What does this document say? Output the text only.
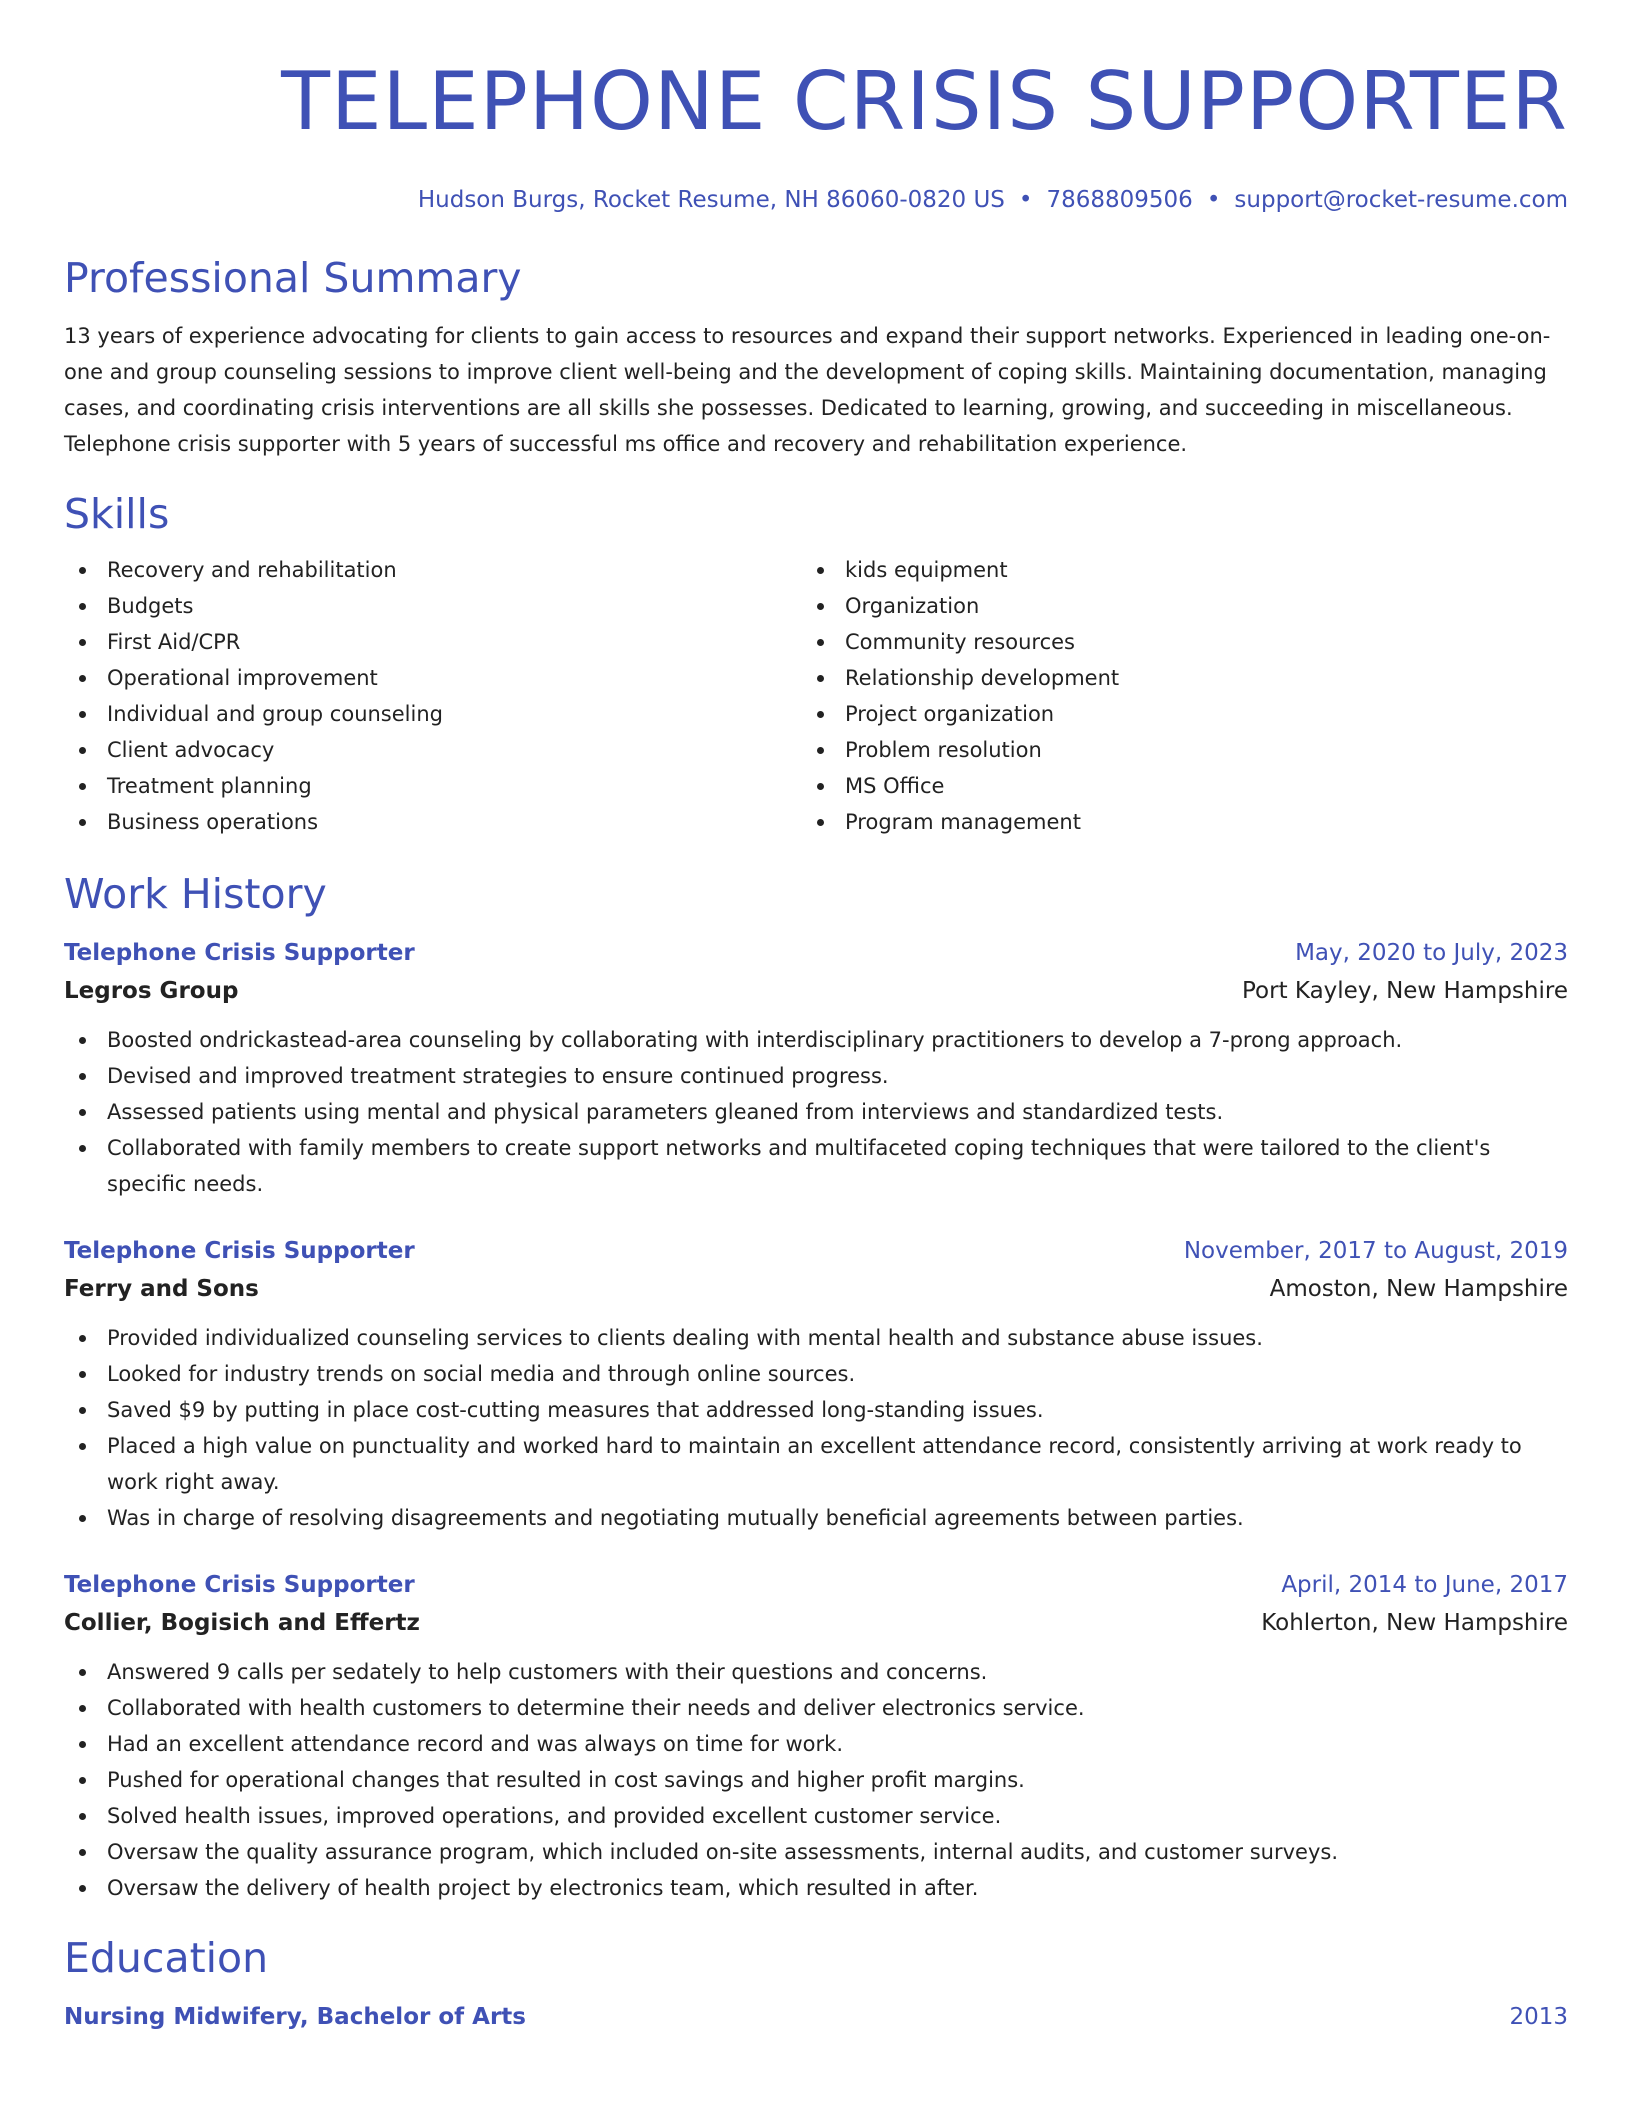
TELEPHONE CRISIS SUPPORTER
Hudson Burgs, Rocket Resume, NH 86060-0820 US • 7868809506 • support@rocket-resume.com
Professional Summary
13 years of experience advocating for clients to gain access to resources and expand their support networks. Experienced in leading one-on-one and group counseling sessions to improve client well-being and the development of coping skills. Maintaining documentation, managing cases, and coordinating crisis interventions are all skills she possesses. Dedicated to learning, growing, and succeeding in miscellaneous. Telephone crisis supporter with 5 years of successful ms office and recovery and rehabilitation experience.
Skills
Recovery and rehabilitation
Budgets
First Aid/CPR
Operational improvement
Individual and group counseling
Client advocacy
Treatment planning
Business operations
kids equipment
Organization
Community resources
Relationship development
Project organization
Problem resolution
MS Office
Program management
Work History
Telephone Crisis Supporter	May, 2020 to July, 2023
Legros Group	Port Kayley, New Hampshire
Boosted ondrickastead-area counseling by collaborating with interdisciplinary practitioners to develop a 7-prong approach.
Devised and improved treatment strategies to ensure continued progress.
Assessed patients using mental and physical parameters gleaned from interviews and standardized tests.
Collaborated with family members to create support networks and multifaceted coping techniques that were tailored to the client's specific needs.
Telephone Crisis Supporter	November, 2017 to August, 2019
Ferry and Sons	Amoston, New Hampshire
Provided individualized counseling services to clients dealing with mental health and substance abuse issues.
Looked for industry trends on social media and through online sources.
Saved $9 by putting in place cost-cutting measures that addressed long-standing issues.
Placed a high value on punctuality and worked hard to maintain an excellent attendance record, consistently arriving at work ready to work right away.
Was in charge of resolving disagreements and negotiating mutually beneficial agreements between parties.
Telephone Crisis Supporter	April, 2014 to June, 2017
Collier, Bogisich and Effertz	Kohlerton, New Hampshire
Answered 9 calls per sedately to help customers with their questions and concerns.
Collaborated with health customers to determine their needs and deliver electronics service.
Had an excellent attendance record and was always on time for work.
Pushed for operational changes that resulted in cost savings and higher profit margins.
Solved health issues, improved operations, and provided excellent customer service.
Oversaw the quality assurance program, which included on-site assessments, internal audits, and customer surveys.
Oversaw the delivery of health project by electronics team, which resulted in after.
Education
Nursing Midwifery, Bachelor of Arts	2013
